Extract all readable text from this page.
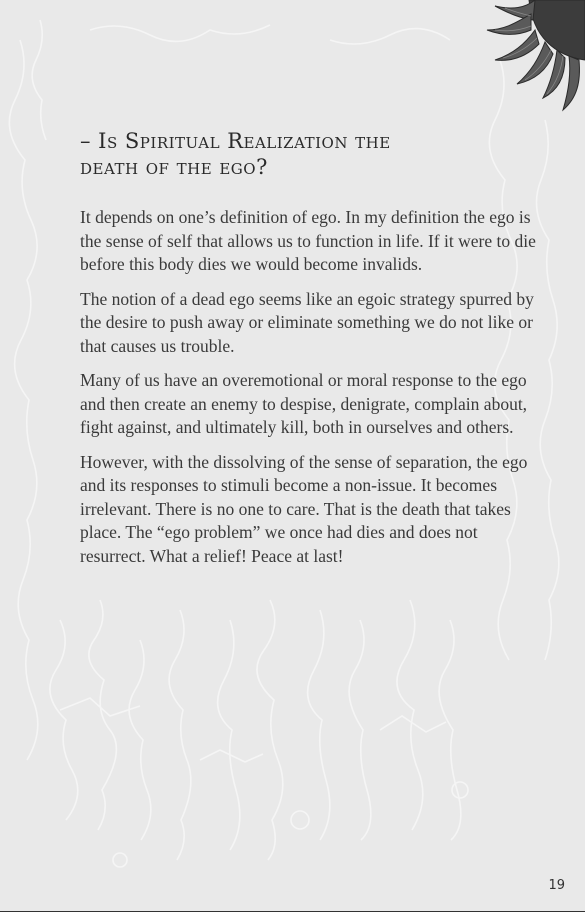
– Is Spiritual Realization the
death of the ego?

It depends on one’s definition of ego. In my definition the ego is the sense of self that allows us to function in life. If it were to die before this body dies we would become invalids.

The notion of a dead ego seems like an egoic strategy spurred by the desire to push away or eliminate something we do not like or that causes us trouble.

Many of us have an overemotional or moral response to the ego and then create an enemy to despise, denigrate, complain about, fight against, and ultimately kill, both in ourselves and others.

However, with the dissolving of the sense of separation, the ego and its responses to stimuli become a non-issue. It becomes irrelevant. There is no one to care. That is the death that takes place. The “ego problem” we once had dies and does not resurrect. What a relief! Peace at last!

19
